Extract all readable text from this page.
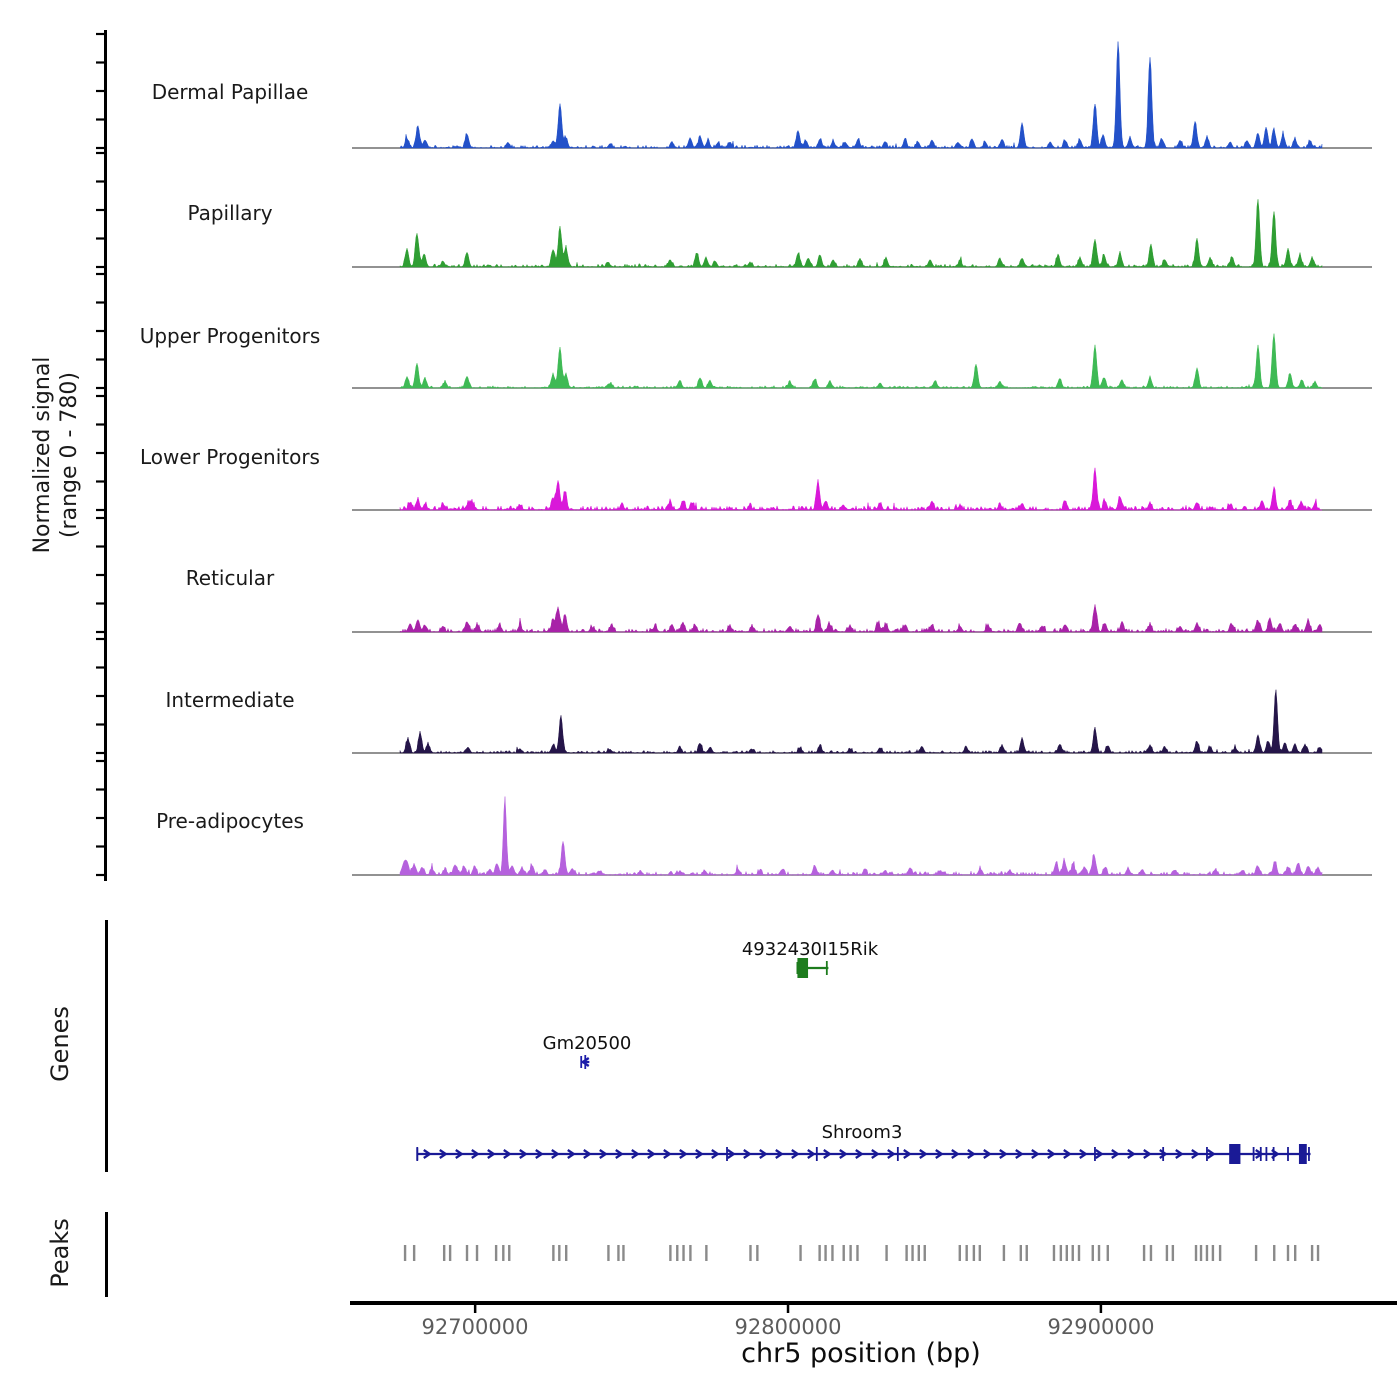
Normalized signal (range 0 - 780)
Dermal Papillae
Papillary
Upper Progenitors
Lower Progenitors
Reticular
Intermediate
Pre-adipocytes
Genes
Peaks
4932430I15Rik
Gm20500
Shroom3
92700000	92800000	92900000
chr5 position (bp)
